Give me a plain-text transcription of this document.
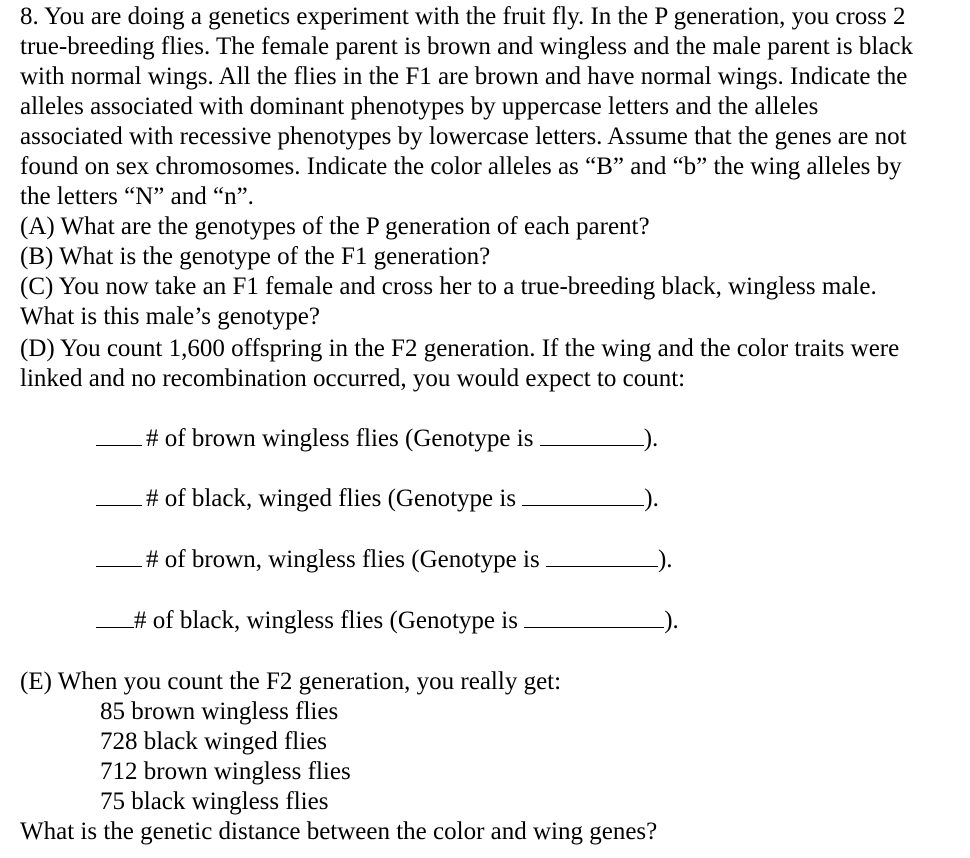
8. You are doing a genetics experiment with the fruit fly. In the P generation, you cross 2
true-breeding flies. The female parent is brown and wingless and the male parent is black
with normal wings. All the flies in the F1 are brown and have normal wings. Indicate the
alleles associated with dominant phenotypes by uppercase letters and the alleles
associated with recessive phenotypes by lowercase letters. Assume that the genes are not
found on sex chromosomes. Indicate the color alleles as “B” and “b” the wing alleles by
the letters “N” and “n”.
(A) What are the genotypes of the P generation of each parent?
(B) What is the genotype of the F1 generation?
(C) You now take an F1 female and cross her to a true-breeding black, wingless male.
What is this male’s genotype?
(D) You count 1,600 offspring in the F2 generation. If the wing and the color traits were
linked and no recombination occurred, you would expect to count:
# of brown wingless flies (Genotype is	).
# of black, winged flies (Genotype is	).
# of brown, wingless flies (Genotype is	).
# of black, wingless flies (Genotype is	).
(E) When you count the F2 generation, you really get:
85 brown wingless flies
728 black winged flies
712 brown wingless flies
75 black wingless flies
What is the genetic distance between the color and wing genes?
